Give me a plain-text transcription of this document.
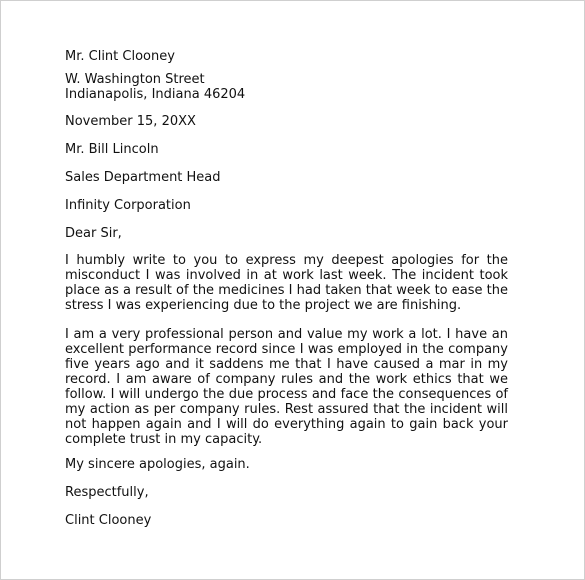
Mr. Clint Clooney
W. Washington Street
Indianapolis, Indiana 46204
November 15, 20XX
Mr. Bill Lincoln
Sales Department Head
Infinity Corporation
Dear Sir,
I humbly write to you to express my deepest apologies for the misconduct I was involved in at work last week. The incident took place as a result of the medicines I had taken that week to ease the stress I was experiencing due to the project we are finishing.
I am a very professional person and value my work a lot. I have an excellent performance record since I was employed in the company five years ago and it saddens me that I have caused a mar in my record. I am aware of company rules and the work ethics that we follow. I will undergo the due process and face the consequences of my action as per company rules. Rest assured that the incident will not happen again and I will do everything again to gain back your complete trust in my capacity.
My sincere apologies, again.
Respectfully,
Clint Clooney
